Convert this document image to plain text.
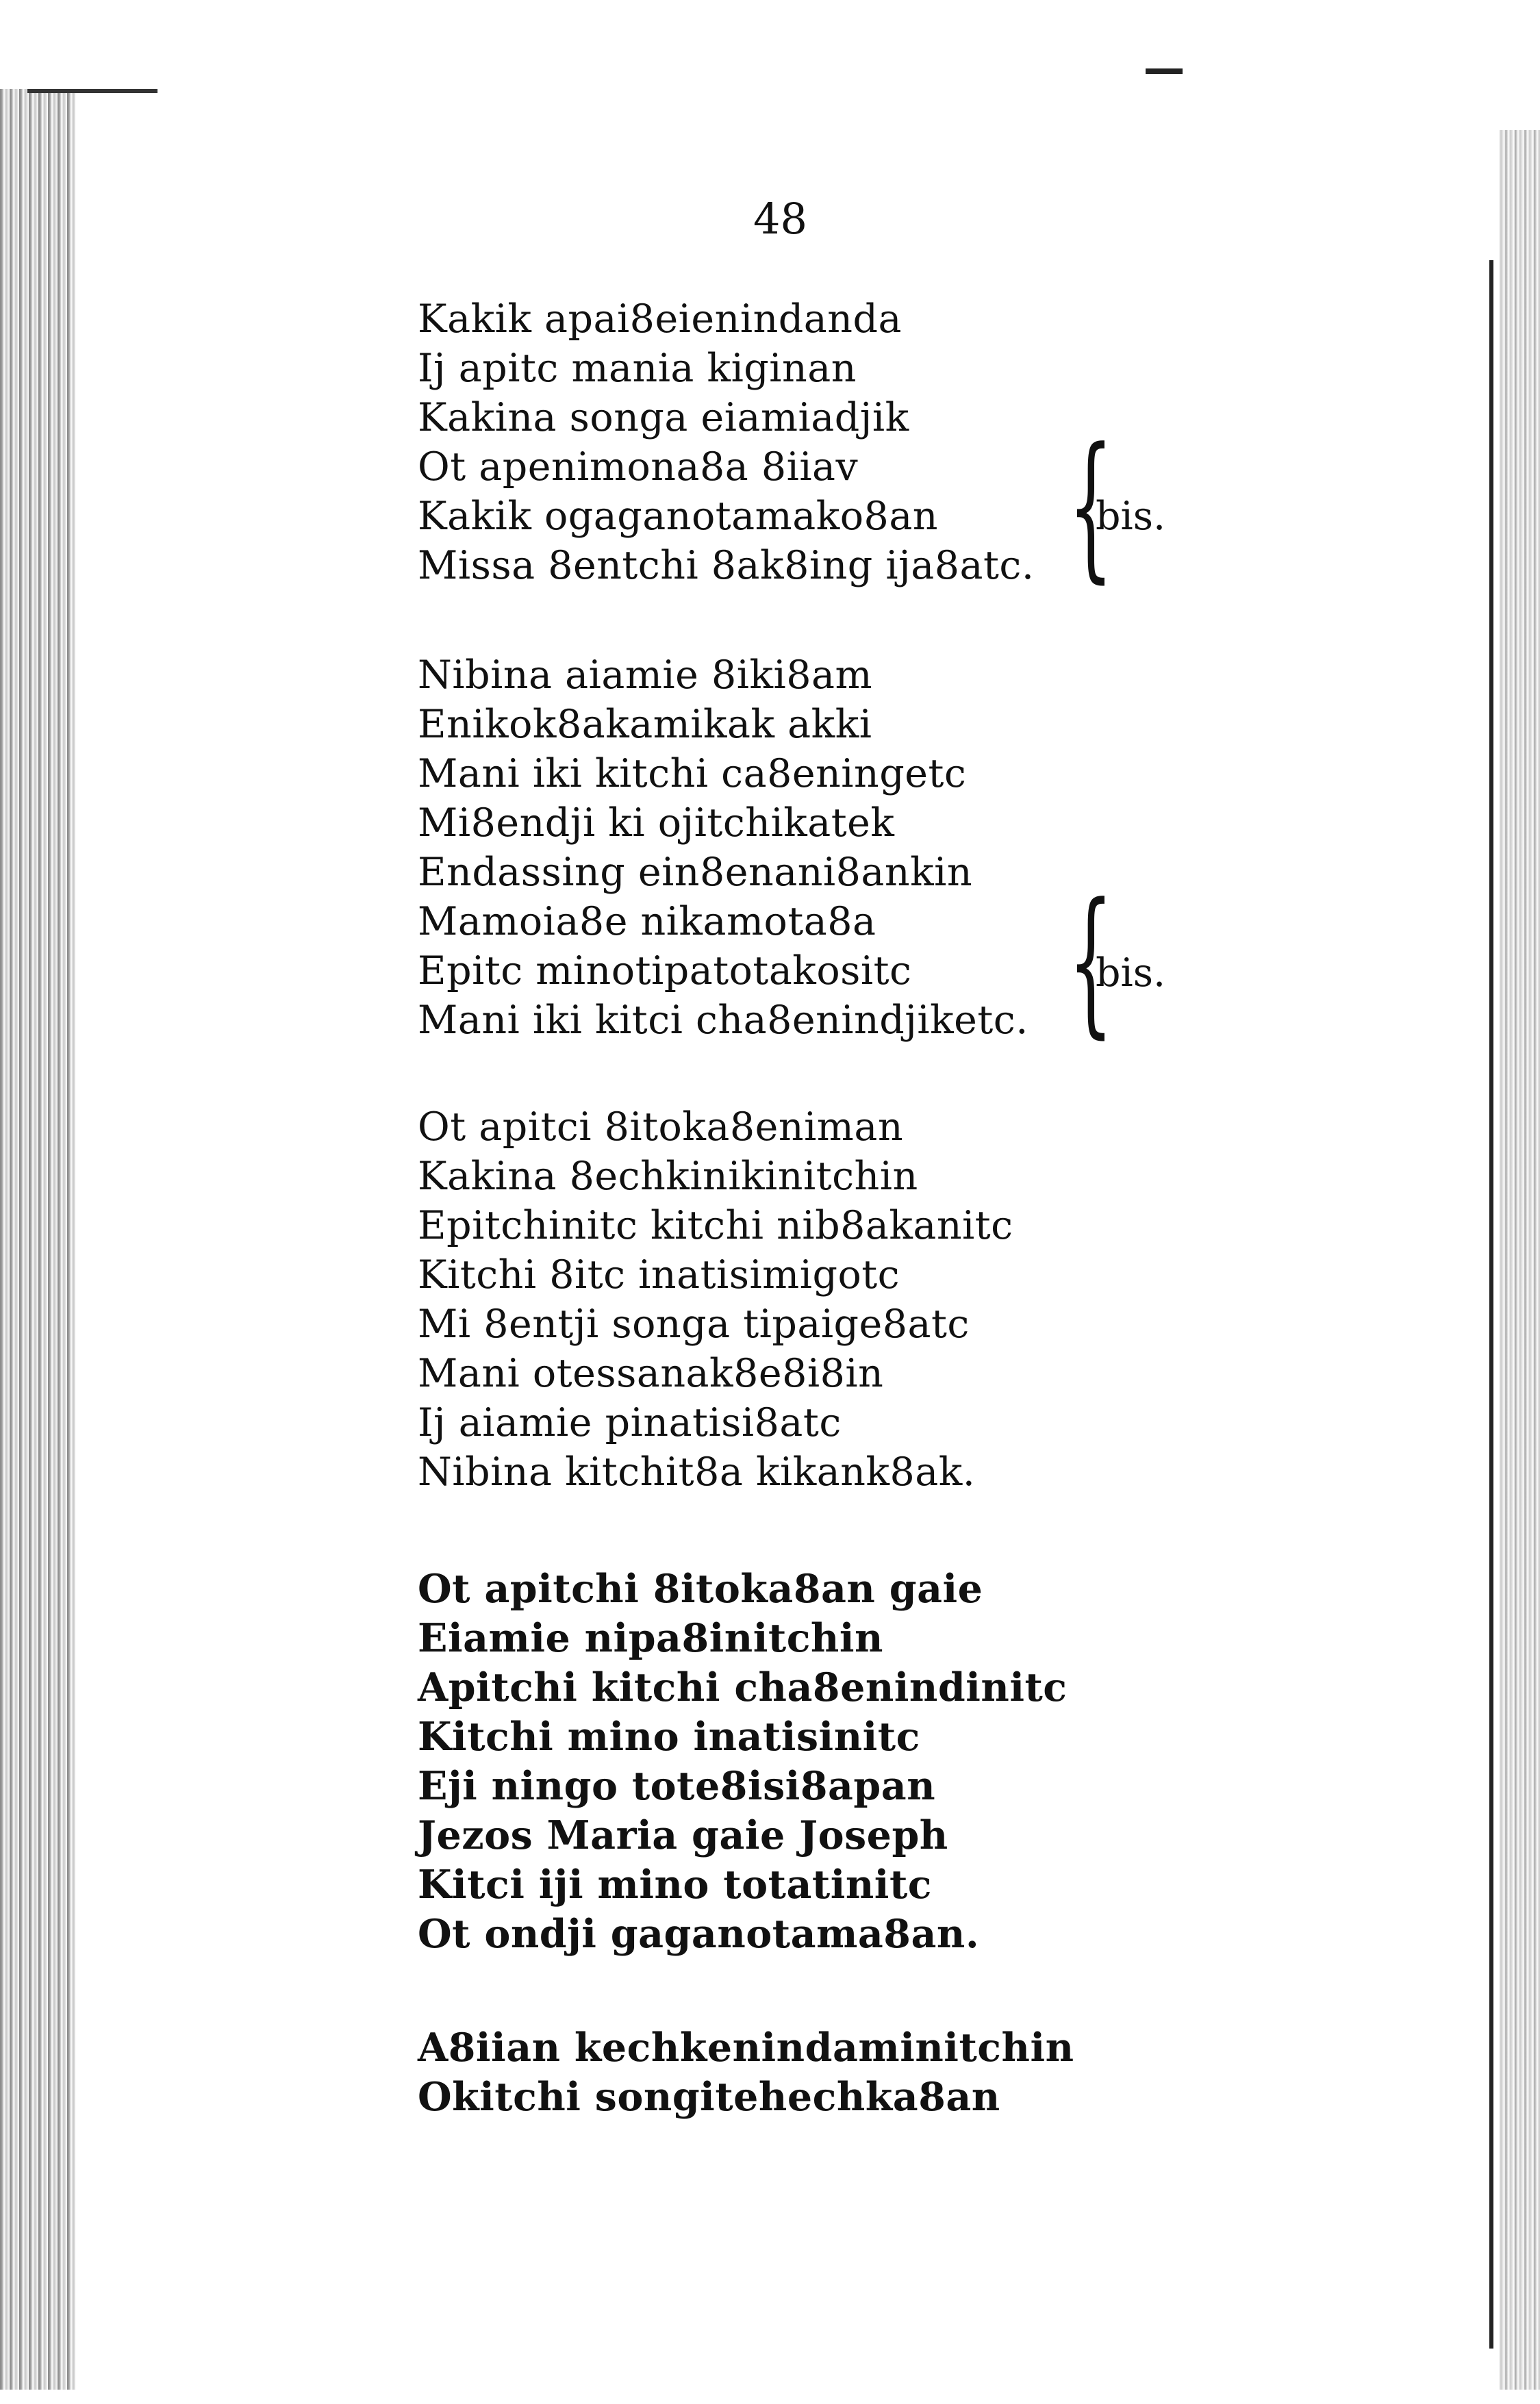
48
Kakik apai8eienindanda
Ij apitc mania kiginan
Kakina songa eiamiadjik
Ot apenimona8a 8iiav
Kakik ogaganotamako8an
Missa 8entchi 8ak8ing ija8atc. {
bis.
Nibina aiamie 8iki8am
Enikok8akamikak akki
Mani iki kitchi ca8eningetc
Mi8endji ki ojitchikatek
Endassing ein8enani8ankin
Mamoia8e nikamota8a
Epitc minotipatotakositc
Mani iki kitci cha8enindjiketc. {
bis.
Ot apitci 8itoka8eniman
Kakina 8echkinikinitchin
Epitchinitc kitchi nib8akanitc
Kitchi 8itc inatisimigotc
Mi 8entji songa tipaige8atc
Mani otessanak8e8i8in
Ij aiamie pinatisi8atc
Nibina kitchit8a kikank8ak.
Ot apitchi 8itoka8an gaie
Eiamie nipa8initchin
Apitchi kitchi cha8enindinitc
Kitchi mino inatisinitc
Eji ningo tote8isi8apan
Jezos Maria gaie Joseph
Kitci iji mino totatinitc
Ot ondji gaganotama8an.
A8iian kechkenindaminitchin
Okitchi songitehechka8an
